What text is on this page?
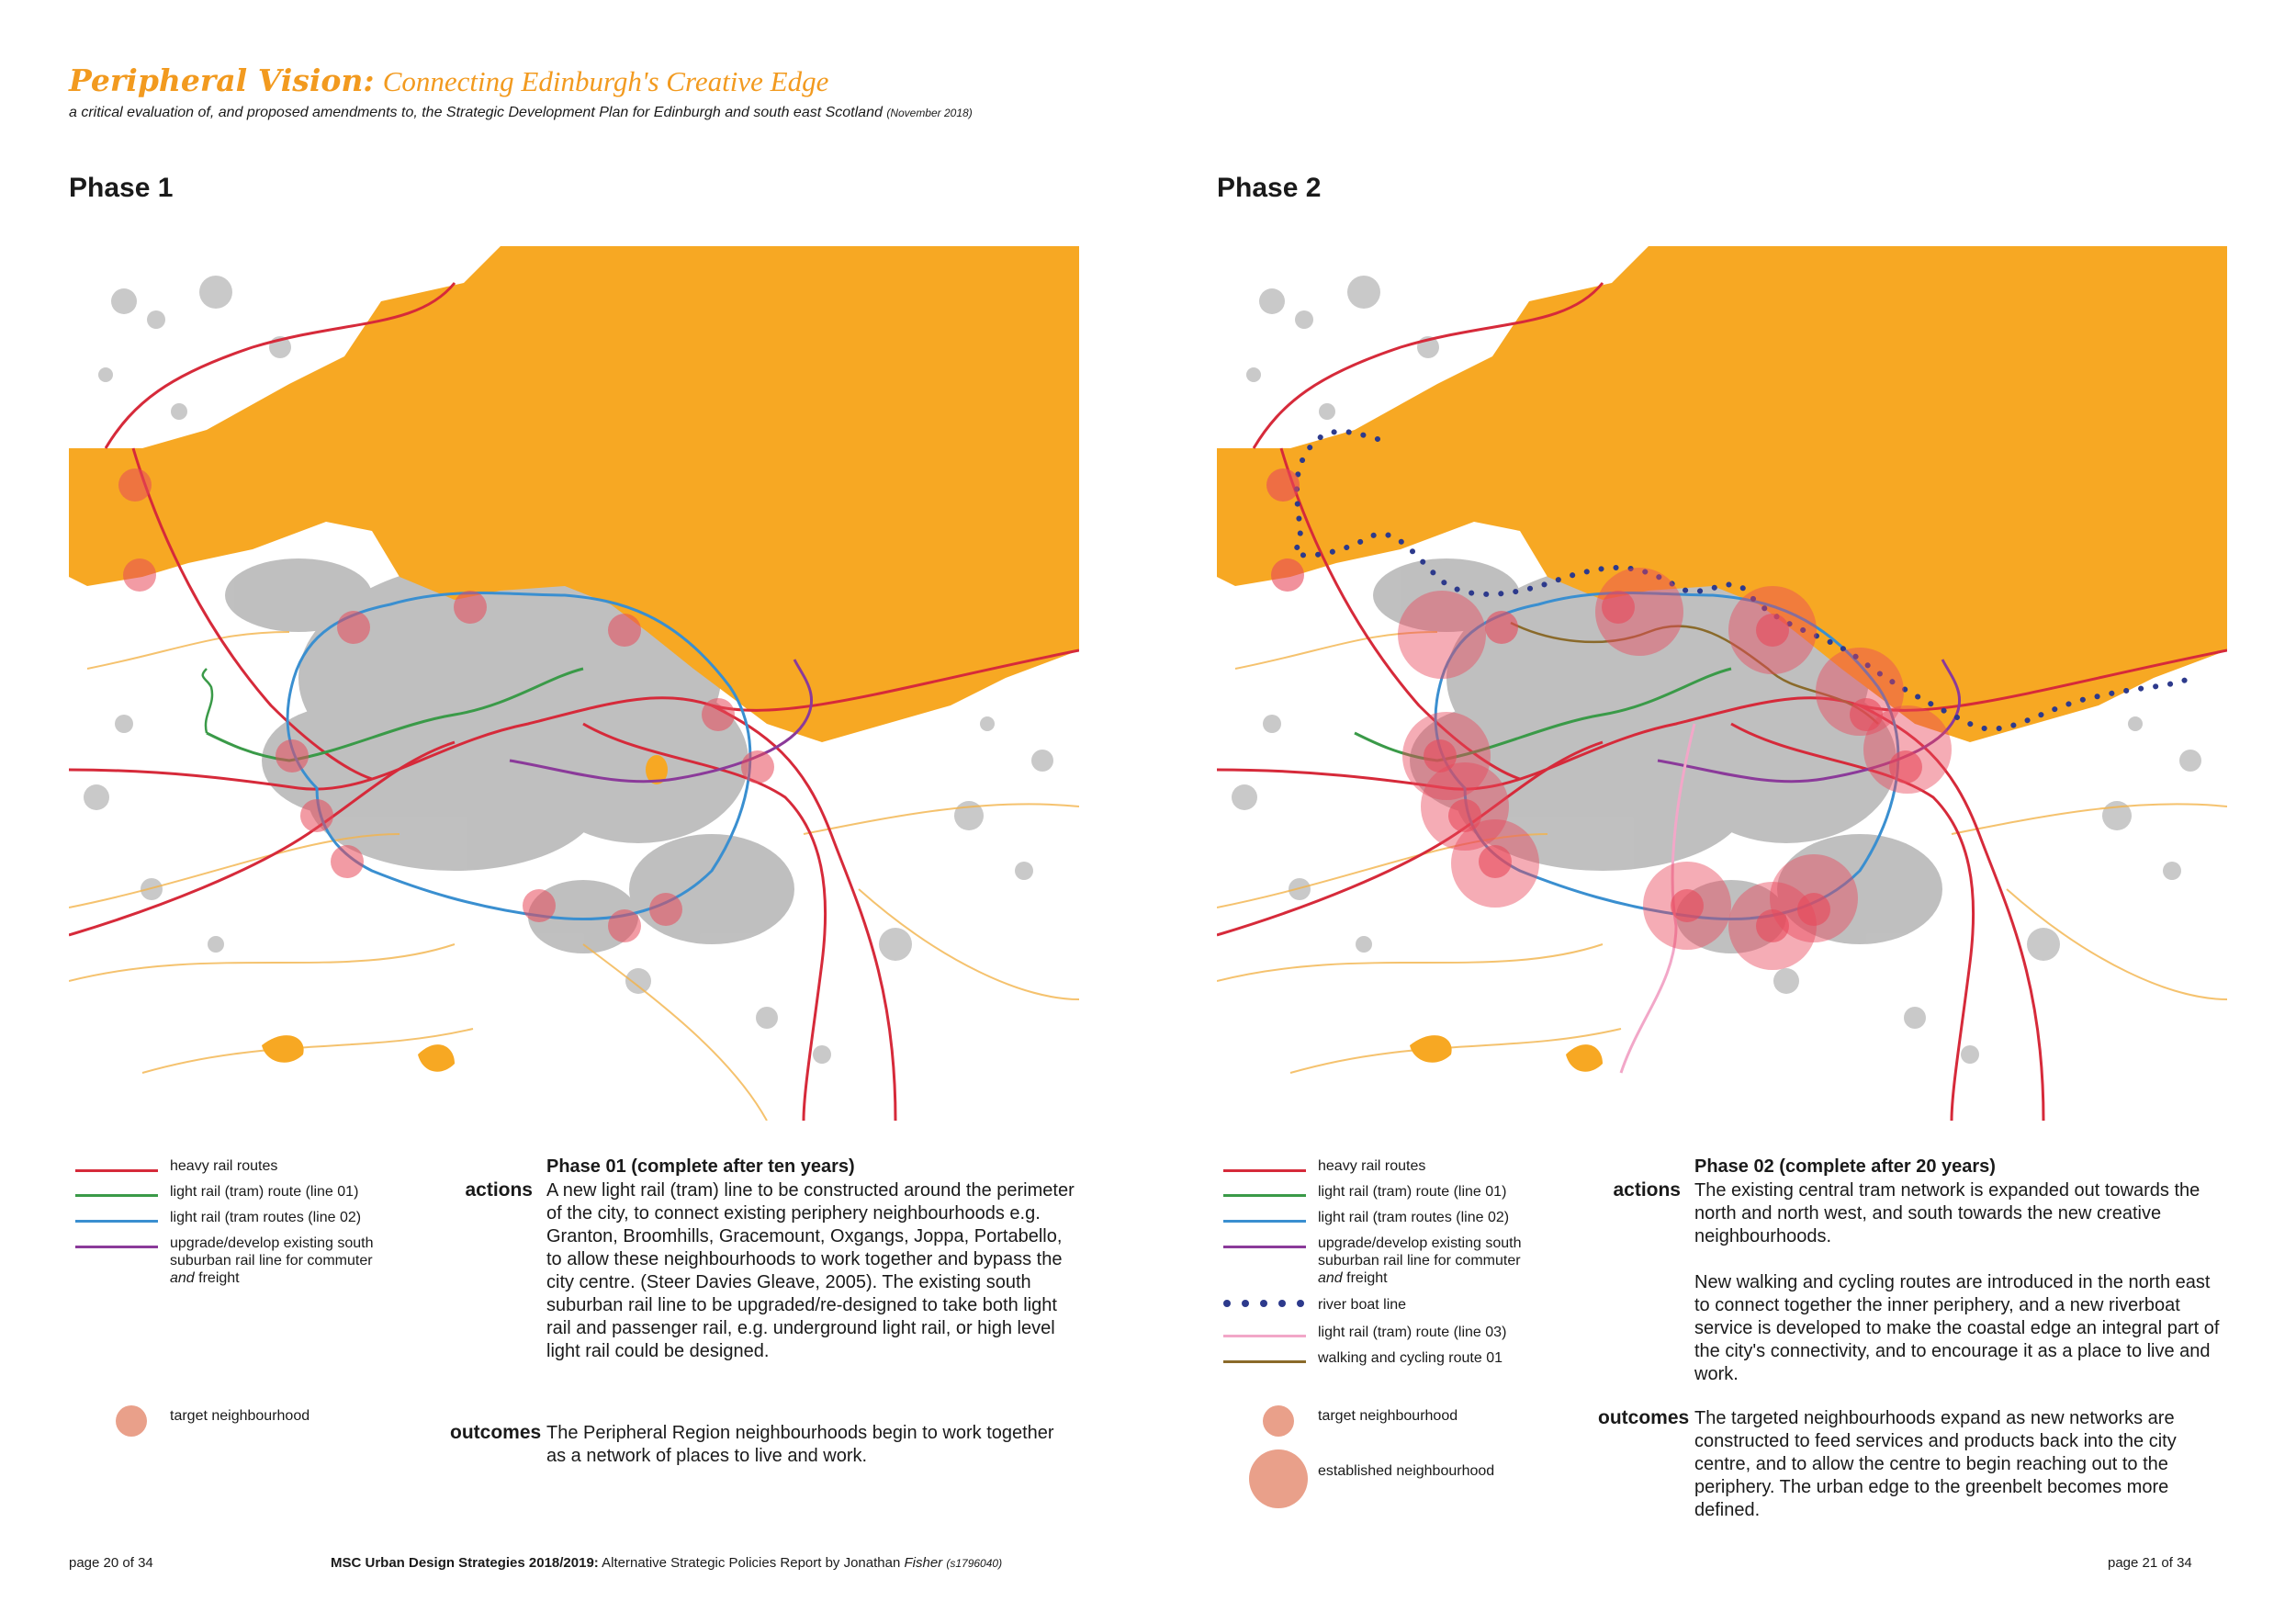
Peripheral Vision: Connecting Edinburgh's Creative Edge
a critical evaluation of, and proposed amendments to, the Strategic Development Plan for Edinburgh and south east Scotland (November 2018)
Phase 1	Phase 2
heavy rail routes
light rail (tram) route (line 01)
light rail (tram routes (line 02)
upgrade/develop existing south suburban rail line for commuter
and freight
target neighbourhood
Phase 01 (complete after ten years)
actions A new light rail (tram) line to be constructed around the perimeter of the city, to connect existing periphery neighbourhoods e.g. Granton, Broomhills, Gracemount, Oxgangs, Joppa, Portabello, to allow these neighbourhoods to work together and bypass the city centre. (Steer Davies Gleave, 2005). The existing south suburban rail line to be upgraded/re-designed to take both light rail and passenger rail, e.g. underground light rail, or high level light rail could be designed.
outcomes The Peripheral Region neighbourhoods begin to work together as a network of places to live and work.
heavy rail routes
light rail (tram) route (line 01)
light rail (tram routes (line 02)
upgrade/develop existing south suburban rail line for commuter
and freight
river boat line
light rail (tram) route (line 03)
walking and cycling route 01
target neighbourhood
established neighbourhood
Phase 02 (complete after 20 years)
actions The existing central tram network is expanded out towards the north and north west, and south towards the new creative neighbourhoods.
New walking and cycling routes are introduced in the north east to connect together the inner periphery, and a new riverboat service is developed to make the coastal edge an integral part of the city's connectivity, and to encourage it as a place to live and work.
outcomes The targeted neighbourhoods expand as new networks are constructed to feed services and products back into the city centre, and to allow the centre to begin reaching out to the periphery. The urban edge to the greenbelt becomes more defined.
page 20 of 34	MSC Urban Design Strategies 2018/2019: Alternative Strategic Policies Report by Jonathan Fisher (s1796040)	page 21 of 34
